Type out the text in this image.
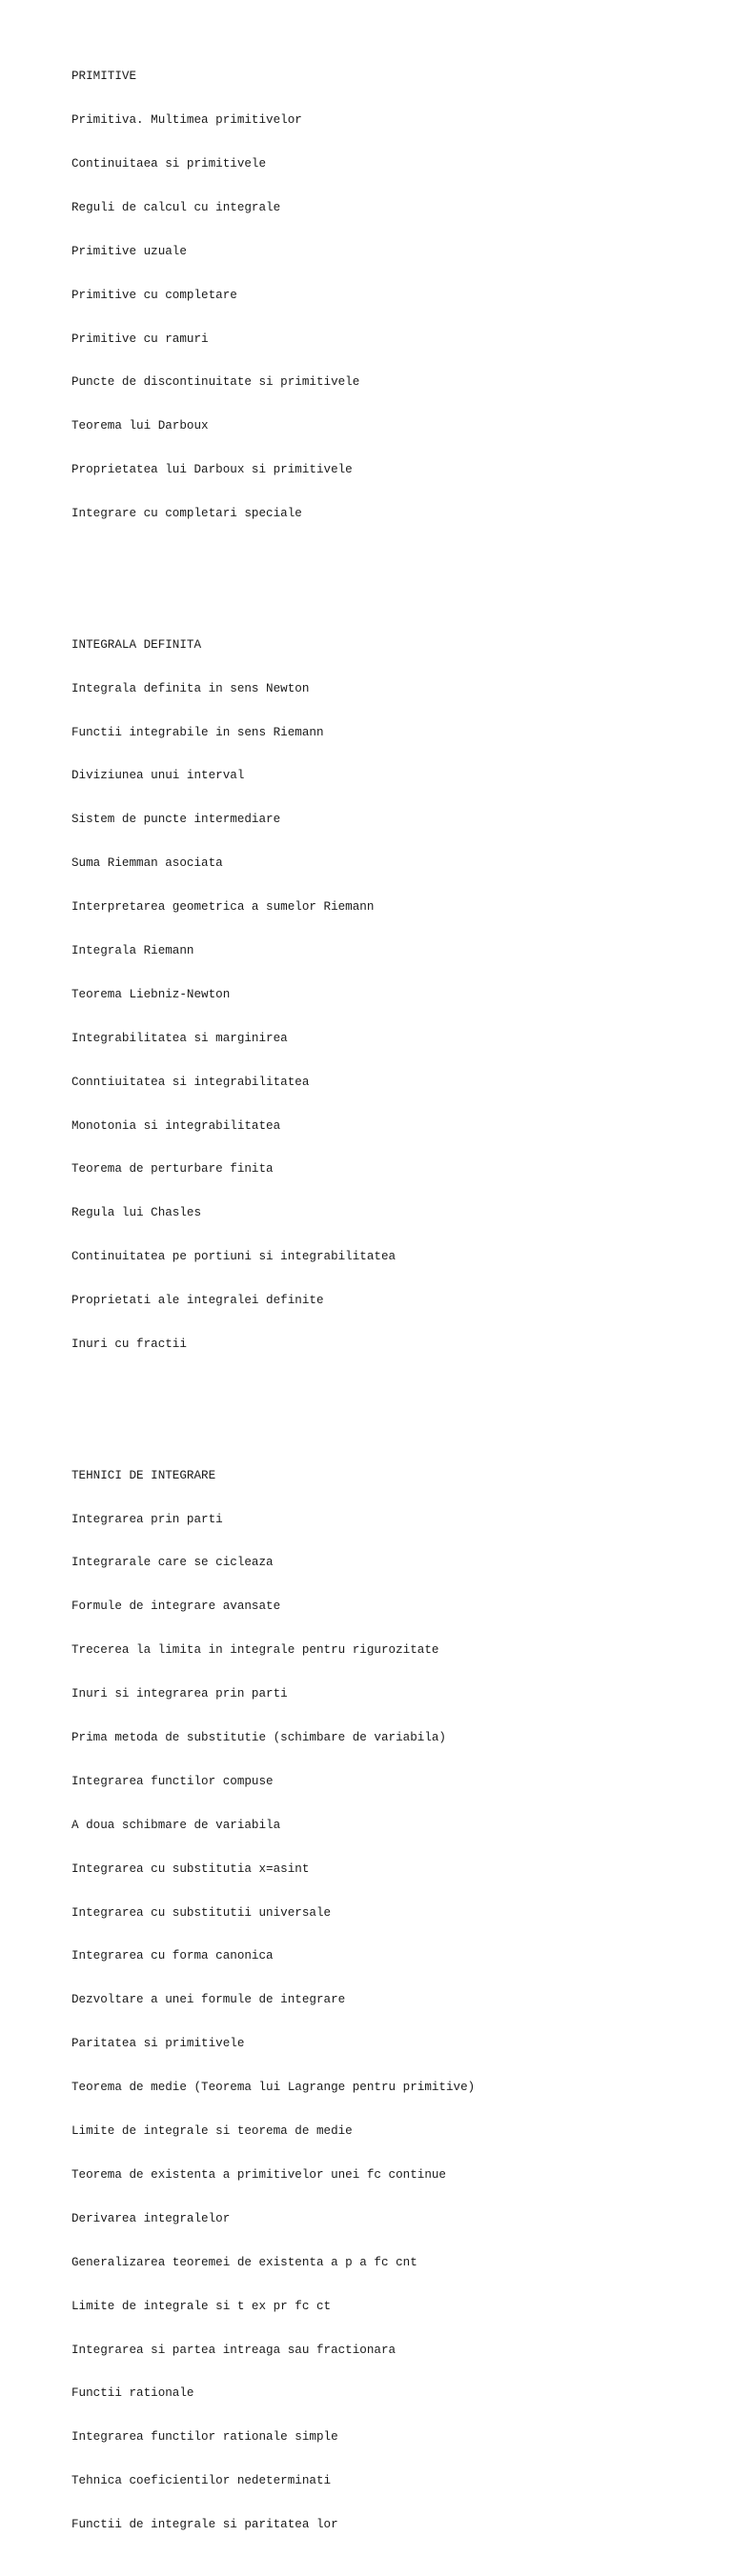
PRIMITIVE

Primitiva. Multimea primitivelor

Continuitaea si primitivele

Reguli de calcul cu integrale

Primitive uzuale

Primitive cu completare

Primitive cu ramuri

Puncte de discontinuitate si primitivele

Teorema lui Darboux

Proprietatea lui Darboux si primitivele

Integrare cu completari speciale

INTEGRALA DEFINITA

Integrala definita in sens Newton

Functii integrabile in sens Riemann

Diviziunea unui interval

Sistem de puncte intermediare

Suma Riemman asociata

Interpretarea geometrica a sumelor Riemann

Integrala Riemann

Teorema Liebniz-Newton

Integrabilitatea si marginirea

Conntiuitatea si integrabilitatea

Monotonia si integrabilitatea

Teorema de perturbare finita

Regula lui Chasles

Continuitatea pe portiuni si integrabilitatea

Proprietati ale integralei definite

Inuri cu fractii

TEHNICI DE INTEGRARE

Integrarea prin parti

Integrarale care se cicleaza

Formule de integrare avansate

Trecerea la limita in integrale pentru rigurozitate

Inuri si integrarea prin parti

Prima metoda de substitutie (schimbare de variabila)

Integrarea functilor compuse

A doua schibmare de variabila

Integrarea cu substitutia x=asint

Integrarea cu substitutii universale

Integrarea cu forma canonica

Dezvoltare a unei formule de integrare

Paritatea si primitivele

Teorema de medie (Teorema lui Lagrange pentru primitive)

Limite de integrale si teorema de medie

Teorema de existenta a primitivelor unei fc continue

Derivarea integralelor

Generalizarea teoremei de existenta a p a fc cnt

Limite de integrale si t ex pr fc ct

Integrarea si partea intreaga sau fractionara

Functii rationale

Integrarea functilor rationale simple

Tehnica coeficientilor nedeterminati

Functii de integrale si paritatea lor
